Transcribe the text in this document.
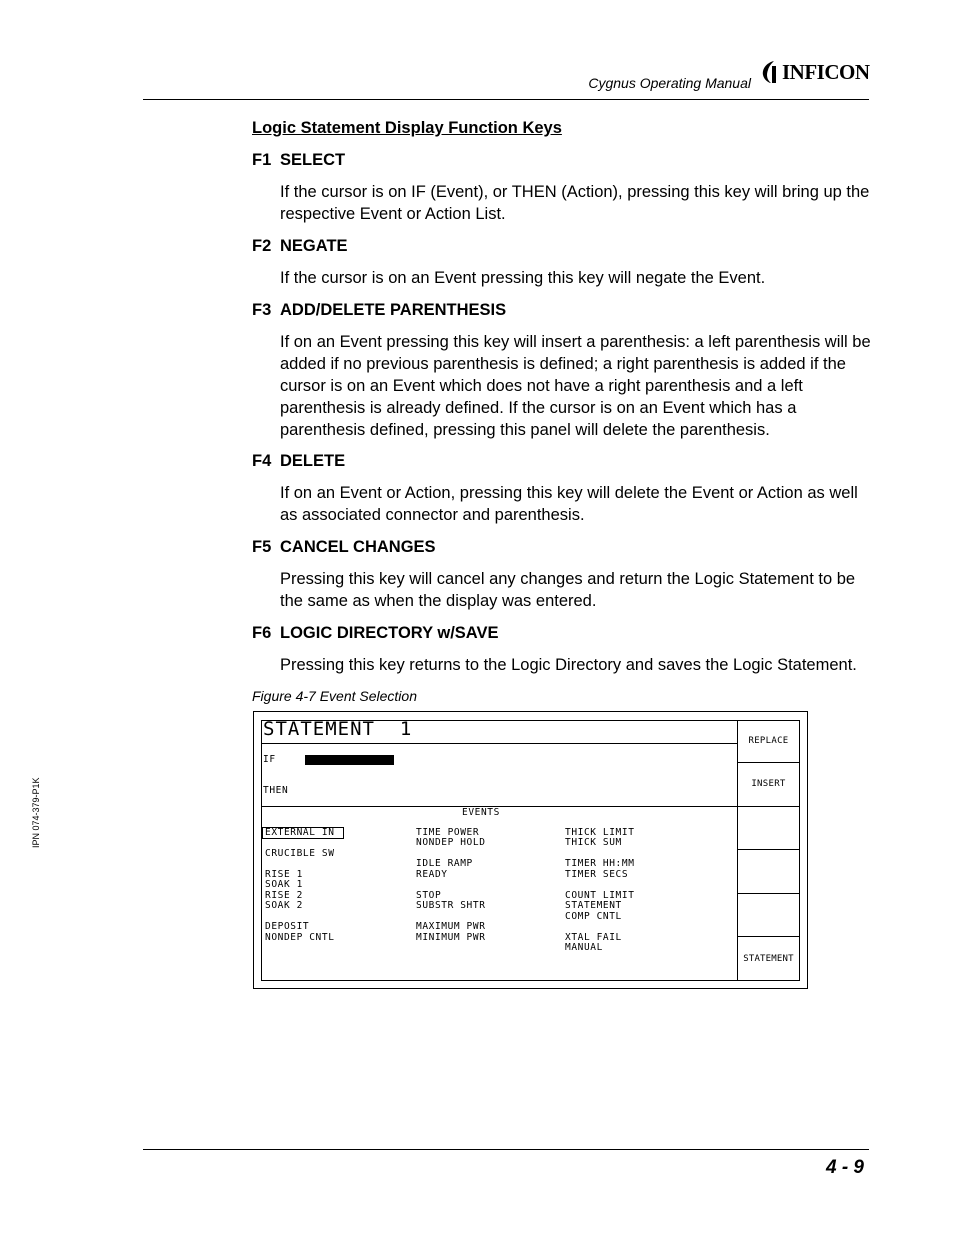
Cygnus Operating Manual INFICON
Logic Statement Display Function Keys
F1 SELECT
If the cursor is on IF (Event), or THEN (Action), pressing this key will bring up the respective Event or Action List.
F2 NEGATE
If the cursor is on an Event pressing this key will negate the Event.
F3 ADD/DELETE PARENTHESIS
If on an Event pressing this key will insert a parenthesis: a left parenthesis will be added if no previous parenthesis is defined; a right parenthesis is added if the cursor is on an Event which does not have a right parenthesis and a left parenthesis is already defined. If the cursor is on an Event which has a parenthesis defined, pressing this panel will delete the parenthesis.
F4 DELETE
If on an Event or Action, pressing this key will delete the Event or Action as well as associated connector and parenthesis.
F5 CANCEL CHANGES
Pressing this key will cancel any changes and return the Logic Statement to be the same as when the display was entered.
F6 LOGIC DIRECTORY w/SAVE
Pressing this key returns to the Logic Directory and saves the Logic Statement.
Figure 4-7 Event Selection
STATEMENT  1
IF
THEN
EVENTS
EXTERNAL IN
CRUCIBLE SW
RISE 1
SOAK 1
RISE 2
SOAK 2
DEPOSIT
NONDEP CNTL
TIME POWER
NONDEP HOLD
IDLE RAMP
READY
STOP
SUBSTR SHTR
MAXIMUM PWR
MINIMUM PWR
THICK LIMIT
THICK SUM
TIMER HH:MM
TIMER SECS
COUNT LIMIT
STATEMENT
COMP CNTL
XTAL FAIL
MANUAL
REPLACE
INSERT
STATEMENT
IPN 074-379-P1K
4 - 9
